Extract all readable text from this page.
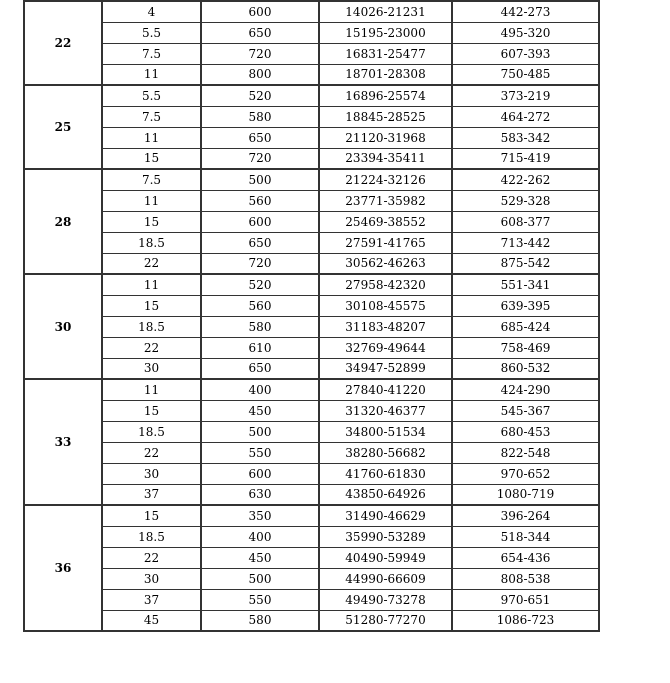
22	4	600	14026-21231	442-273
	5.5	650	15195-23000	495-320
	7.5	720	16831-25477	607-393
	11	800	18701-28308	750-485
25	5.5	520	16896-25574	373-219
	7.5	580	18845-28525	464-272
	11	650	21120-31968	583-342
	15	720	23394-35411	715-419
28	7.5	500	21224-32126	422-262
	11	560	23771-35982	529-328
	15	600	25469-38552	608-377
	18.5	650	27591-41765	713-442
	22	720	30562-46263	875-542
30	11	520	27958-42320	551-341
	15	560	30108-45575	639-395
	18.5	580	31183-48207	685-424
	22	610	32769-49644	758-469
	30	650	34947-52899	860-532
33	11	400	27840-41220	424-290
	15	450	31320-46377	545-367
	18.5	500	34800-51534	680-453
	22	550	38280-56682	822-548
	30	600	41760-61830	970-652
	37	630	43850-64926	1080-719
36	15	350	31490-46629	396-264
	18.5	400	35990-53289	518-344
	22	450	40490-59949	654-436
	30	500	44990-66609	808-538
	37	550	49490-73278	970-651
	45	580	51280-77270	1086-723
